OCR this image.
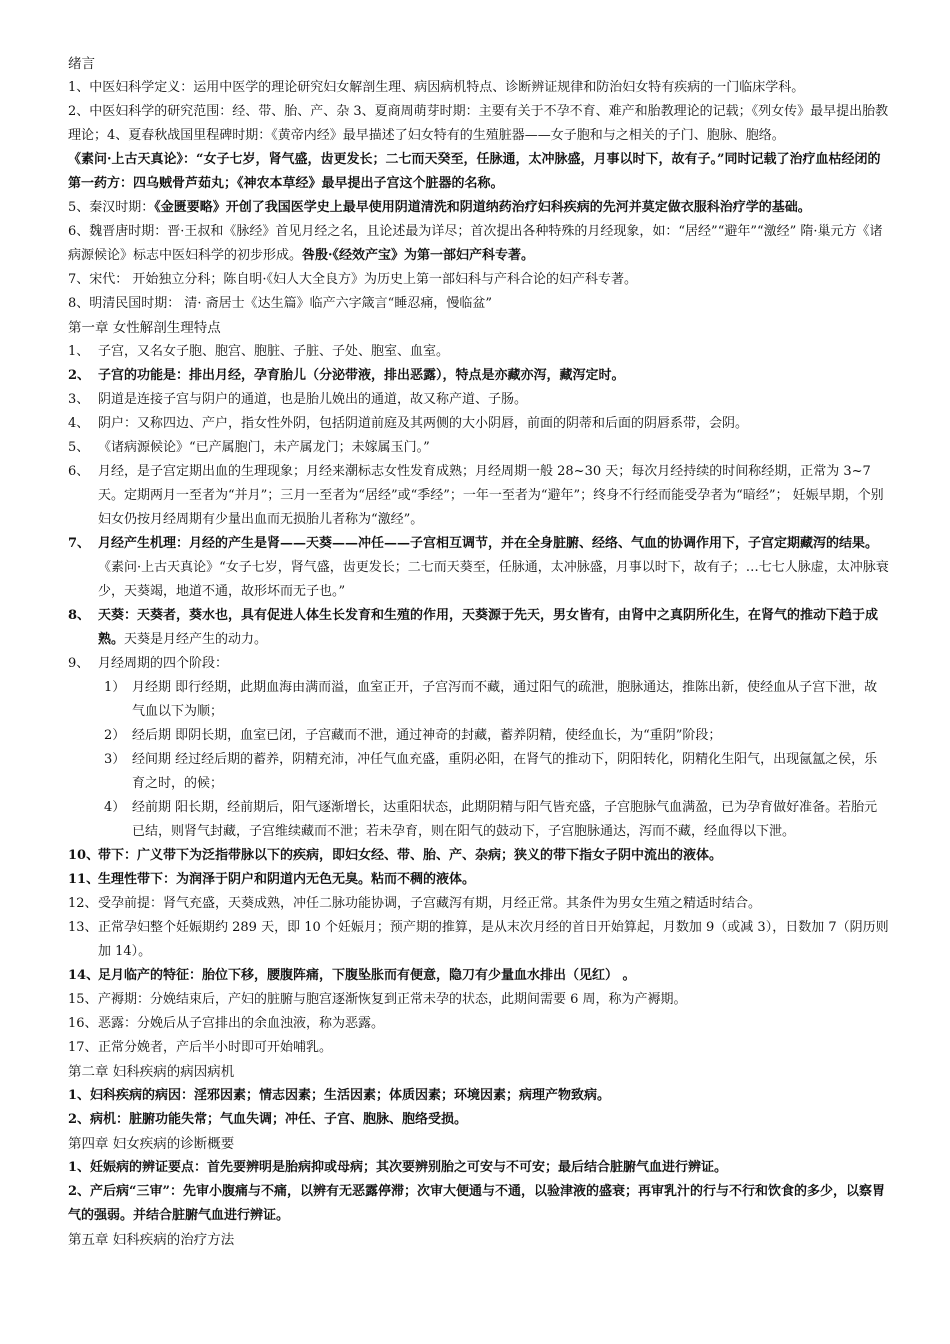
绪言

1、中医妇科学定义：运用中医学的理论研究妇女解剖生理、病因病机特点、诊断辨证规律和防治妇女特有疾病的一门临床学科。

2、中医妇科学的研究范围：经、带、胎、产、杂 3、夏商周萌芽时期：主要有关于不孕不育、难产和胎教理论的记载；《列女传》最早提出胎教理论；4、夏春秋战国里程碑时期：《黄帝内经》最早描述了妇女特有的生殖脏器——女子胞和与之相关的子门、胞脉、胞络。

《素问·上古天真论》：“女子七岁，肾气盛，齿更发长；二七而天癸至，任脉通，太冲脉盛，月事以时下，故有子。”同时记载了治疗血枯经闭的第一药方：四乌贼骨芦茹丸；《神农本草经》最早提出子宫这个脏器的名称。

5、秦汉时期：《金匮要略》开创了我国医学史上最早使用阴道清洗和阴道纳药治疗妇科疾病的先河并莫定做衣服科治疗学的基础。

6、魏晋唐时期：晋·王叔和《脉经》首见月经之名，且论述最为详尽；首次提出各种特殊的月经现象，如：“居经”“避年”“激经” 隋·巢元方《诸病源候论》标志中医妇科学的初步形成。咎殷·《经效产宝》为第一部妇产科专著。

7、宋代： 开始独立分科；陈自明·《妇人大全良方》为历史上第一部妇科与产科合论的妇产科专著。

8、明清民国时期： 清· 斋居士《达生篇》临产六字箴言“睡忍痛，慢临盆”

第一章 女性解剖生理特点

1、 子宫，又名女子胞、胞宫、胞脏、子脏、子处、胞室、血室。
2、 子宫的功能是：排出月经，孕育胎儿（分泌带液，排出恶露），特点是亦藏亦泻，藏泻定时。
3、 阴道是连接子宫与阴户的通道，也是胎儿娩出的通道，故又称产道、子肠。
4、 阴户：又称四边、产户，指女性外阴，包括阴道前庭及其两侧的大小阴唇，前面的阴蒂和后面的阴唇系带，会阴。
5、 《诸病源候论》“已产属胞门，未产属龙门；未嫁属玉门。”
6、 月经，是子宫定期出血的生理现象；月经来潮标志女性发育成熟；月经周期一般 28~30 天；每次月经持续的时间称经期，正常为 3~7 天。定期两月一至者为“并月”；三月一至者为“居经”或“季经”；一年一至者为“避年”；终身不行经而能受孕者为“暗经”； 妊娠早期，个别妇女仍按月经周期有少量出血而无损胎儿者称为“激经”。
7、 月经产生机理：月经的产生是肾——天葵——冲任——子宫相互调节，并在全身脏腑、经络、气血的协调作用下，子宫定期藏泻的结果。《素问·上古天真论》“女子七岁，肾气盛，齿更发长；二七而天葵至，任脉通，太冲脉盛，月事以时下，故有子；…七七人脉虚，太冲脉衰少，天葵竭，地道不通，故形坏而无子也。”
8、 天葵：天葵者，葵水也，具有促进人体生长发育和生殖的作用，天葵源于先天，男女皆有，由肾中之真阴所化生，在肾气的推动下趋于成熟。天葵是月经产生的动力。
9、 月经周期的四个阶段：
1） 月经期 即行经期，此期血海由满而溢，血室正开，子宫泻而不藏，通过阳气的疏泄，胞脉通达，推陈出新，使经血从子宫下泄，故气血以下为顺；
2） 经后期 即阴长期，血室已闭，子宫藏而不泄，通过神奇的封藏，蓄养阴精，使经血长，为“重阴”阶段；
3） 经间期 经过经后期的蓄养，阴精充沛，冲任气血充盛，重阴必阳，在肾气的推动下，阴阳转化，阴精化生阳气，出现氤氲之侯，乐育之时，的候；
4） 经前期 阳长期，经前期后，阳气逐渐增长，达重阳状态，此期阴精与阳气皆充盛，子宫胞脉气血满盈，已为孕育做好准备。若胎元已结，则肾气封藏，子宫维续藏而不泄；若未孕育，则在阳气的鼓动下，子宫胞脉通达，泻而不藏，经血得以下泄。
10、
带下：广义带下为泛指带脉以下的疾病，即妇女经、带、胎、产、杂病；狭义的带下指女子阴中流出的液体。
11、
生理性带下：为润泽于阴户和阴道内无色无臭。粘而不稠的液体。
12、 受孕前提：肾气充盛，天葵成熟，冲任二脉功能协调，子宫藏泻有期，月经正常。其条件为男女生殖之精适时结合。
13、 正常孕妇整个妊娠期约 289 天，即 10 个妊娠月；预产期的推算，是从末次月经的首日开始算起，月数加 9（或减 3），日数加 7（阴历则加 14）。
14、
足月临产的特征：胎位下移，腰腹阵痛，下腹坠胀而有便意，隐刀有少量血水排出（见红） 。
15、 产褥期：分娩结束后，产妇的脏腑与胞宫逐渐恢复到正常未孕的状态，此期间需要 6 周，称为产褥期。
16、 恶露：分娩后从子宫排出的余血浊液，称为恶露。
17、 正常分娩者，产后半小时即可开始哺乳。

第二章 妇科疾病的病因病机

1、妇科疾病的病因：淫邪因素；情志因素；生活因素；体质因素；环境因素；病理产物致病。

2、病机：脏腑功能失常；气血失调；冲任、子宫、胞脉、胞络受损。

第四章 妇女疾病的诊断概要

1、妊娠病的辨证要点：首先要辨明是胎病抑或母病；其次要辨别胎之可安与不可安；最后结合脏腑气血进行辨证。

2、产后病“三审”：先审小腹痛与不痛，以辨有无恶露停滞；次审大便通与不通，以验津液的盛衰；再审乳汁的行与不行和饮食的多少，以察胃气的强弱。并结合脏腑气血进行辨证。

第五章 妇科疾病的治疗方法
